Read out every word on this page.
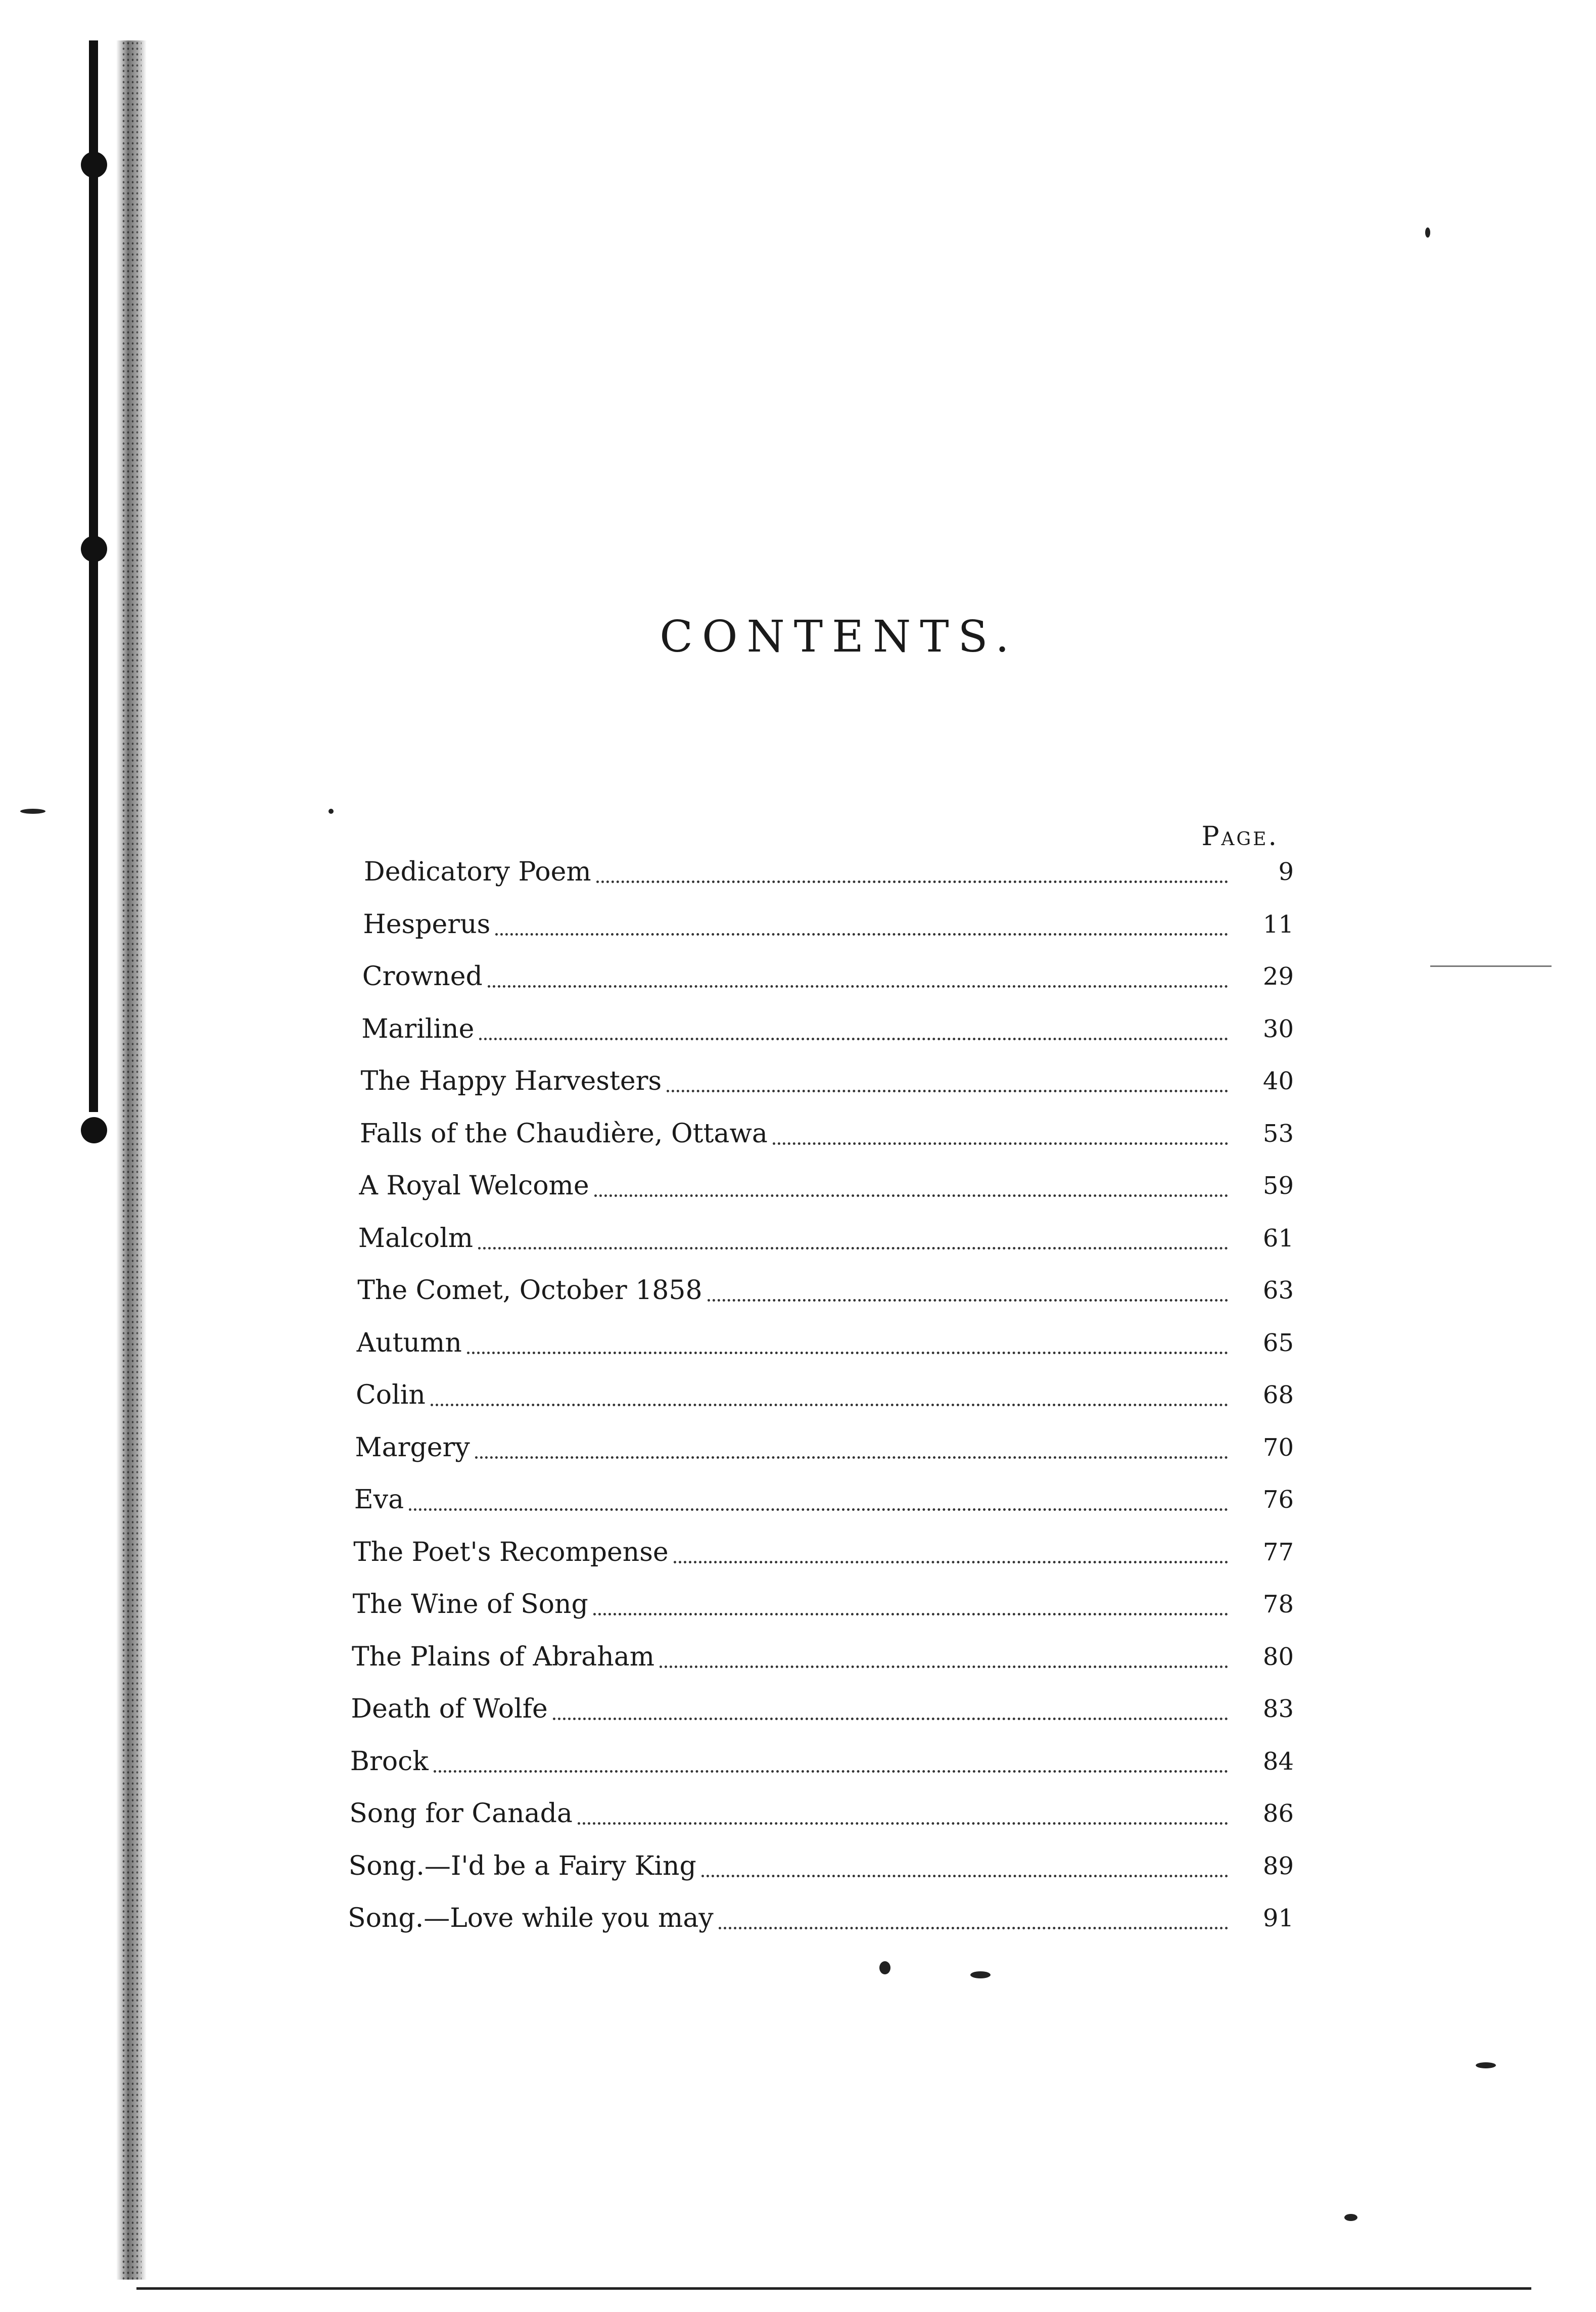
CONTENTS.
Page.
Dedicatory Poem	9
Hesperus	11
Crowned	29
Mariline	30
The Happy Harvesters	40
Falls of the Chaudière, Ottawa	53
A Royal Welcome	59
Malcolm	61
The Comet, October 1858	63
Autumn	65
Colin	68
Margery	70
Eva	76
The Poet's Recompense	77
The Wine of Song	78
The Plains of Abraham	80
Death of Wolfe	83
Brock	84
Song for Canada	86
Song.—I'd be a Fairy King	89
Song.—Love while you may	91
